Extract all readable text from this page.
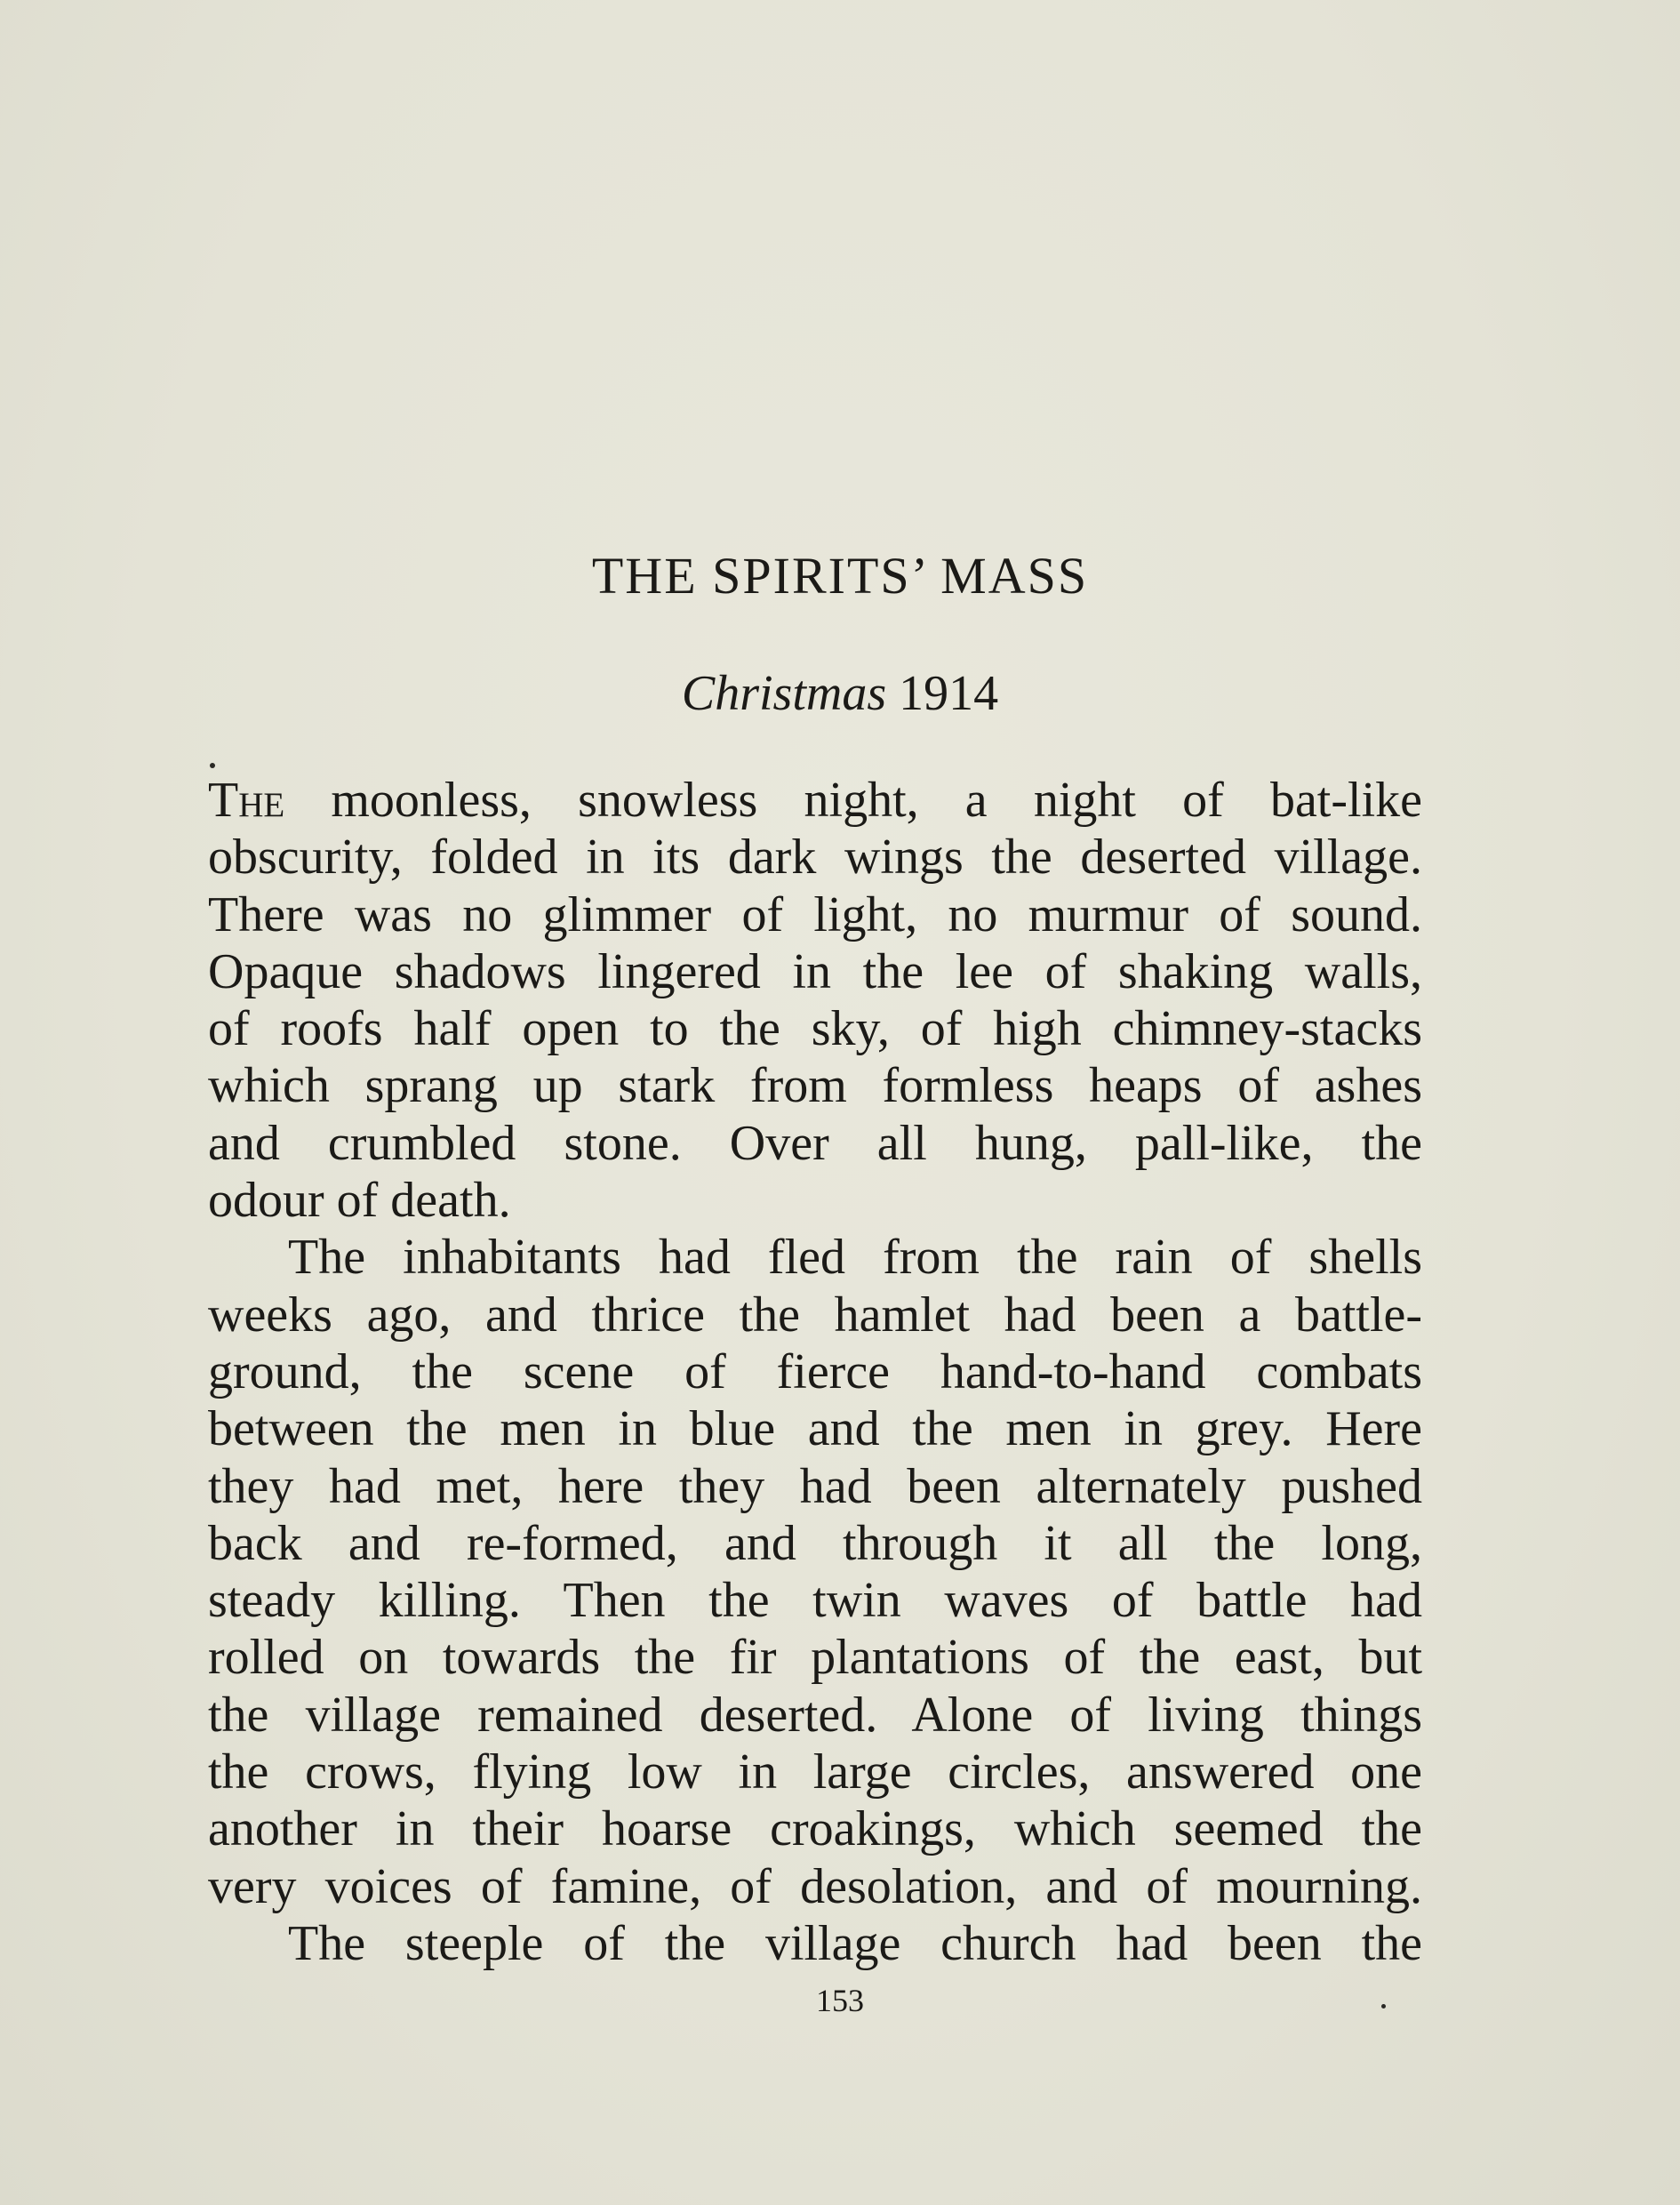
THE SPIRITS’ MASS
Christmas 1914
The moonless, snowless night, a night of bat-like
obscurity, folded in its dark wings the deserted village.
There was no glimmer of light, no murmur of sound.
Opaque shadows lingered in the lee of shaking walls,
of roofs half open to the sky, of high chimney-stacks
which sprang up stark from formless heaps of ashes
and crumbled stone. Over all hung, pall-like, the
odour of death.
The inhabitants had fled from the rain of shells
weeks ago, and thrice the hamlet had been a battle-
ground, the scene of fierce hand-to-hand combats
between the men in blue and the men in grey. Here
they had met, here they had been alternately pushed
back and re-formed, and through it all the long,
steady killing. Then the twin waves of battle had
rolled on towards the fir plantations of the east, but
the village remained deserted. Alone of living things
the crows, flying low in large circles, answered one
another in their hoarse croakings, which seemed the
very voices of famine, of desolation, and of mourning.
The steeple of the village church had been the
153
